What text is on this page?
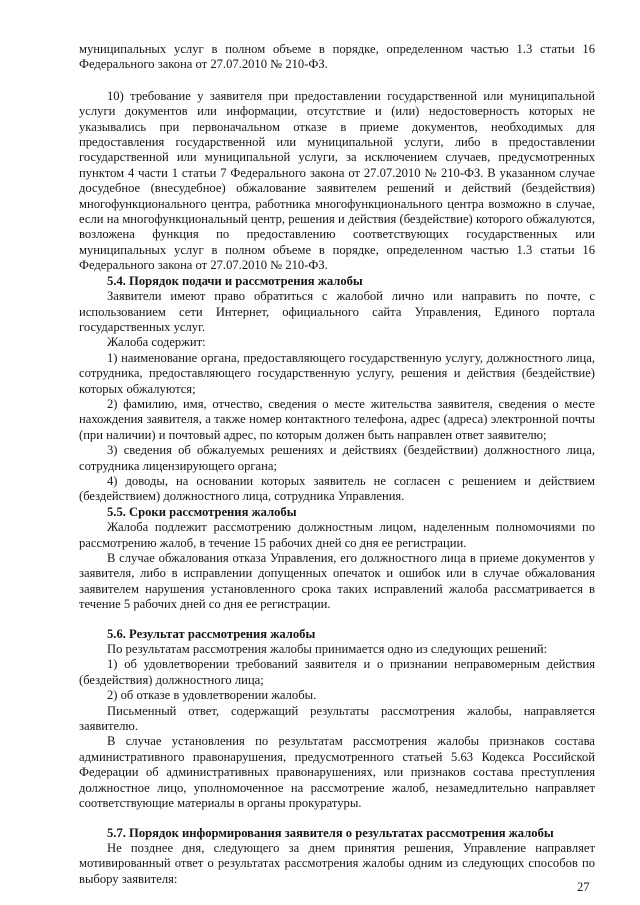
муниципальных услуг в полном объеме в порядке, определенном частью 1.3 статьи 16 Федерального закона от 27.07.2010 № 210-ФЗ.

10) требование у заявителя при предоставлении государственной или муниципальной услуги документов или информации, отсутствие и (или) недостоверность которых не указывались при первоначальном отказе в приеме документов, необходимых для предоставления государственной или муниципальной услуги, либо в предоставлении государственной или муниципальной услуги, за исключением случаев, предусмотренных пунктом 4 части 1 статьи 7 Федерального закона от 27.07.2010 № 210-ФЗ. В указанном случае досудебное (внесудебное) обжалование заявителем решений и действий (бездействия) многофункционального центра, работника многофункционального центра возможно в случае, если на многофункциональный центр, решения и действия (бездействие) которого обжалуются, возложена функция по предоставлению соответствующих государственных или муниципальных услуг в полном объеме в порядке, определенном частью 1.3 статьи 16 Федерального закона от 27.07.2010 № 210-ФЗ.

5.4. Порядок подачи и рассмотрения жалобы

Заявители имеют право обратиться с жалобой лично или направить по почте, с использованием сети Интернет, официального сайта Управления, Единого портала государственных услуг.

Жалоба содержит:

1) наименование органа, предоставляющего государственную услугу, должностного лица, сотрудника, предоставляющего государственную услугу, решения и действия (бездействие) которых обжалуются;

2) фамилию, имя, отчество, сведения о месте жительства заявителя, сведения о месте нахождения заявителя, а также номер контактного телефона, адрес (адреса) электронной почты (при наличии) и почтовый адрес, по которым должен быть направлен ответ заявителю;

3) сведения об обжалуемых решениях и действиях (бездействии) должностного лица, сотрудника лицензирующего органа;

4) доводы, на основании которых заявитель не согласен с решением и действием (бездействием) должностного лица, сотрудника Управления.

5.5. Сроки рассмотрения жалобы

Жалоба подлежит рассмотрению должностным лицом, наделенным полномочиями по рассмотрению жалоб, в течение 15 рабочих дней со дня ее регистрации.

В случае обжалования отказа Управления, его должностного лица в приеме документов у заявителя, либо в исправлении допущенных опечаток и ошибок или в случае обжалования заявителем нарушения установленного срока таких исправлений жалоба рассматривается в течение 5 рабочих дней со дня ее регистрации.

5.6. Результат рассмотрения жалобы

По результатам рассмотрения жалобы принимается одно из следующих решений:

1) об удовлетворении требований заявителя и о признании неправомерным действия (бездействия) должностного лица;

2) об отказе в удовлетворении жалобы.

Письменный ответ, содержащий результаты рассмотрения жалобы, направляется заявителю.

В случае установления по результатам рассмотрения жалобы признаков состава административного правонарушения, предусмотренного статьей 5.63 Кодекса Российской Федерации об административных правонарушениях, или признаков состава преступления должностное лицо, уполномоченное на рассмотрение жалоб, незамедлительно направляет соответствующие материалы в органы прокуратуры.

5.7. Порядок информирования заявителя о результатах рассмотрения жалобы

Не позднее дня, следующего за днем принятия решения, Управление направляет мотивированный ответ о результатах рассмотрения жалобы одним из следующих способов по выбору заявителя:

27
